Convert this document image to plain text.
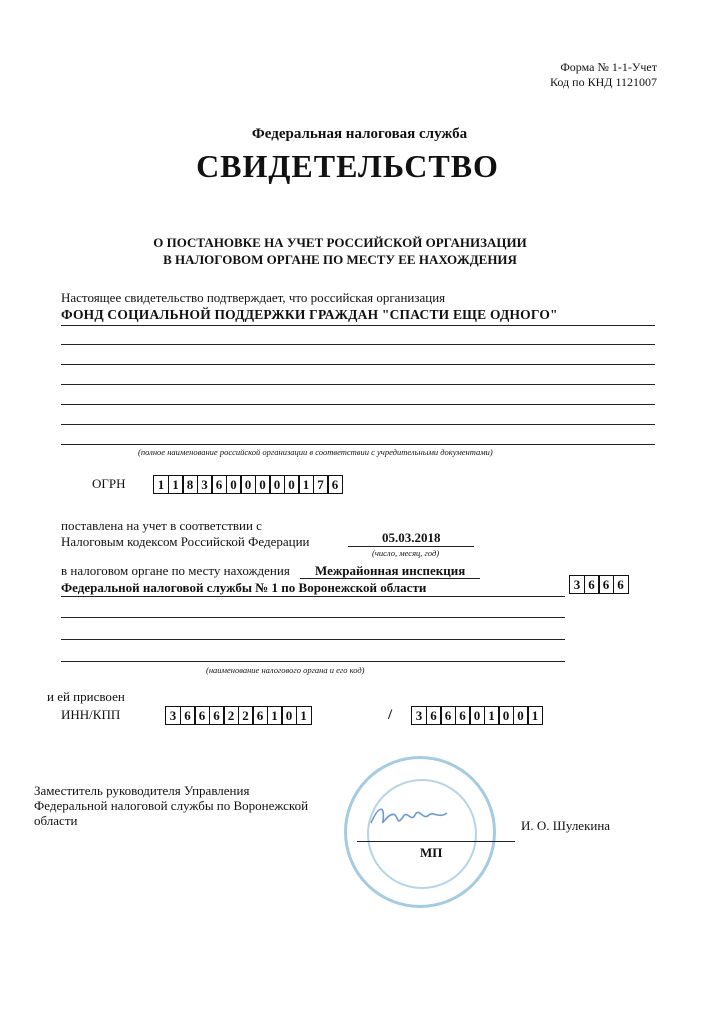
Форма № 1-1-Учет
Код по КНД 1121007
Федеральная налоговая служба
СВИДЕТЕЛЬСТВО
О ПОСТАНОВКЕ НА УЧЕТ РОССИЙСКОЙ ОРГАНИЗАЦИИ
В НАЛОГОВОМ ОРГАНЕ ПО МЕСТУ ЕЕ НАХОЖДЕНИЯ
Настоящее свидетельство подтверждает, что российская организация
ФОНД СОЦИАЛЬНОЙ ПОДДЕРЖКИ ГРАЖДАН "СПАСТИ ЕЩЕ ОДНОГО"
(полное наименование российской организации в соответствии с учредительными документами)
ОГРН	1 1 8 3 6 0 0 0 0 0 1 7 6
поставлена на учет в соответствии с
Налоговым кодексом Российской Федерации	05.03.2018
(число, месяц, год)
в налоговом органе по месту нахождения Межрайонная инспекция
Федеральной налоговой службы № 1 по Воронежской области	3 6 6 6
(наименование налогового органа и его код)
и ей присвоен
ИНН/КПП	3 6 6 6 2 2 6 1 0 1	/	3 6 6 6 0 1 0 0 1
Заместитель руководителя Управления
Федеральной налоговой службы по Воронежской
области
МП
И. О. Шулекина
